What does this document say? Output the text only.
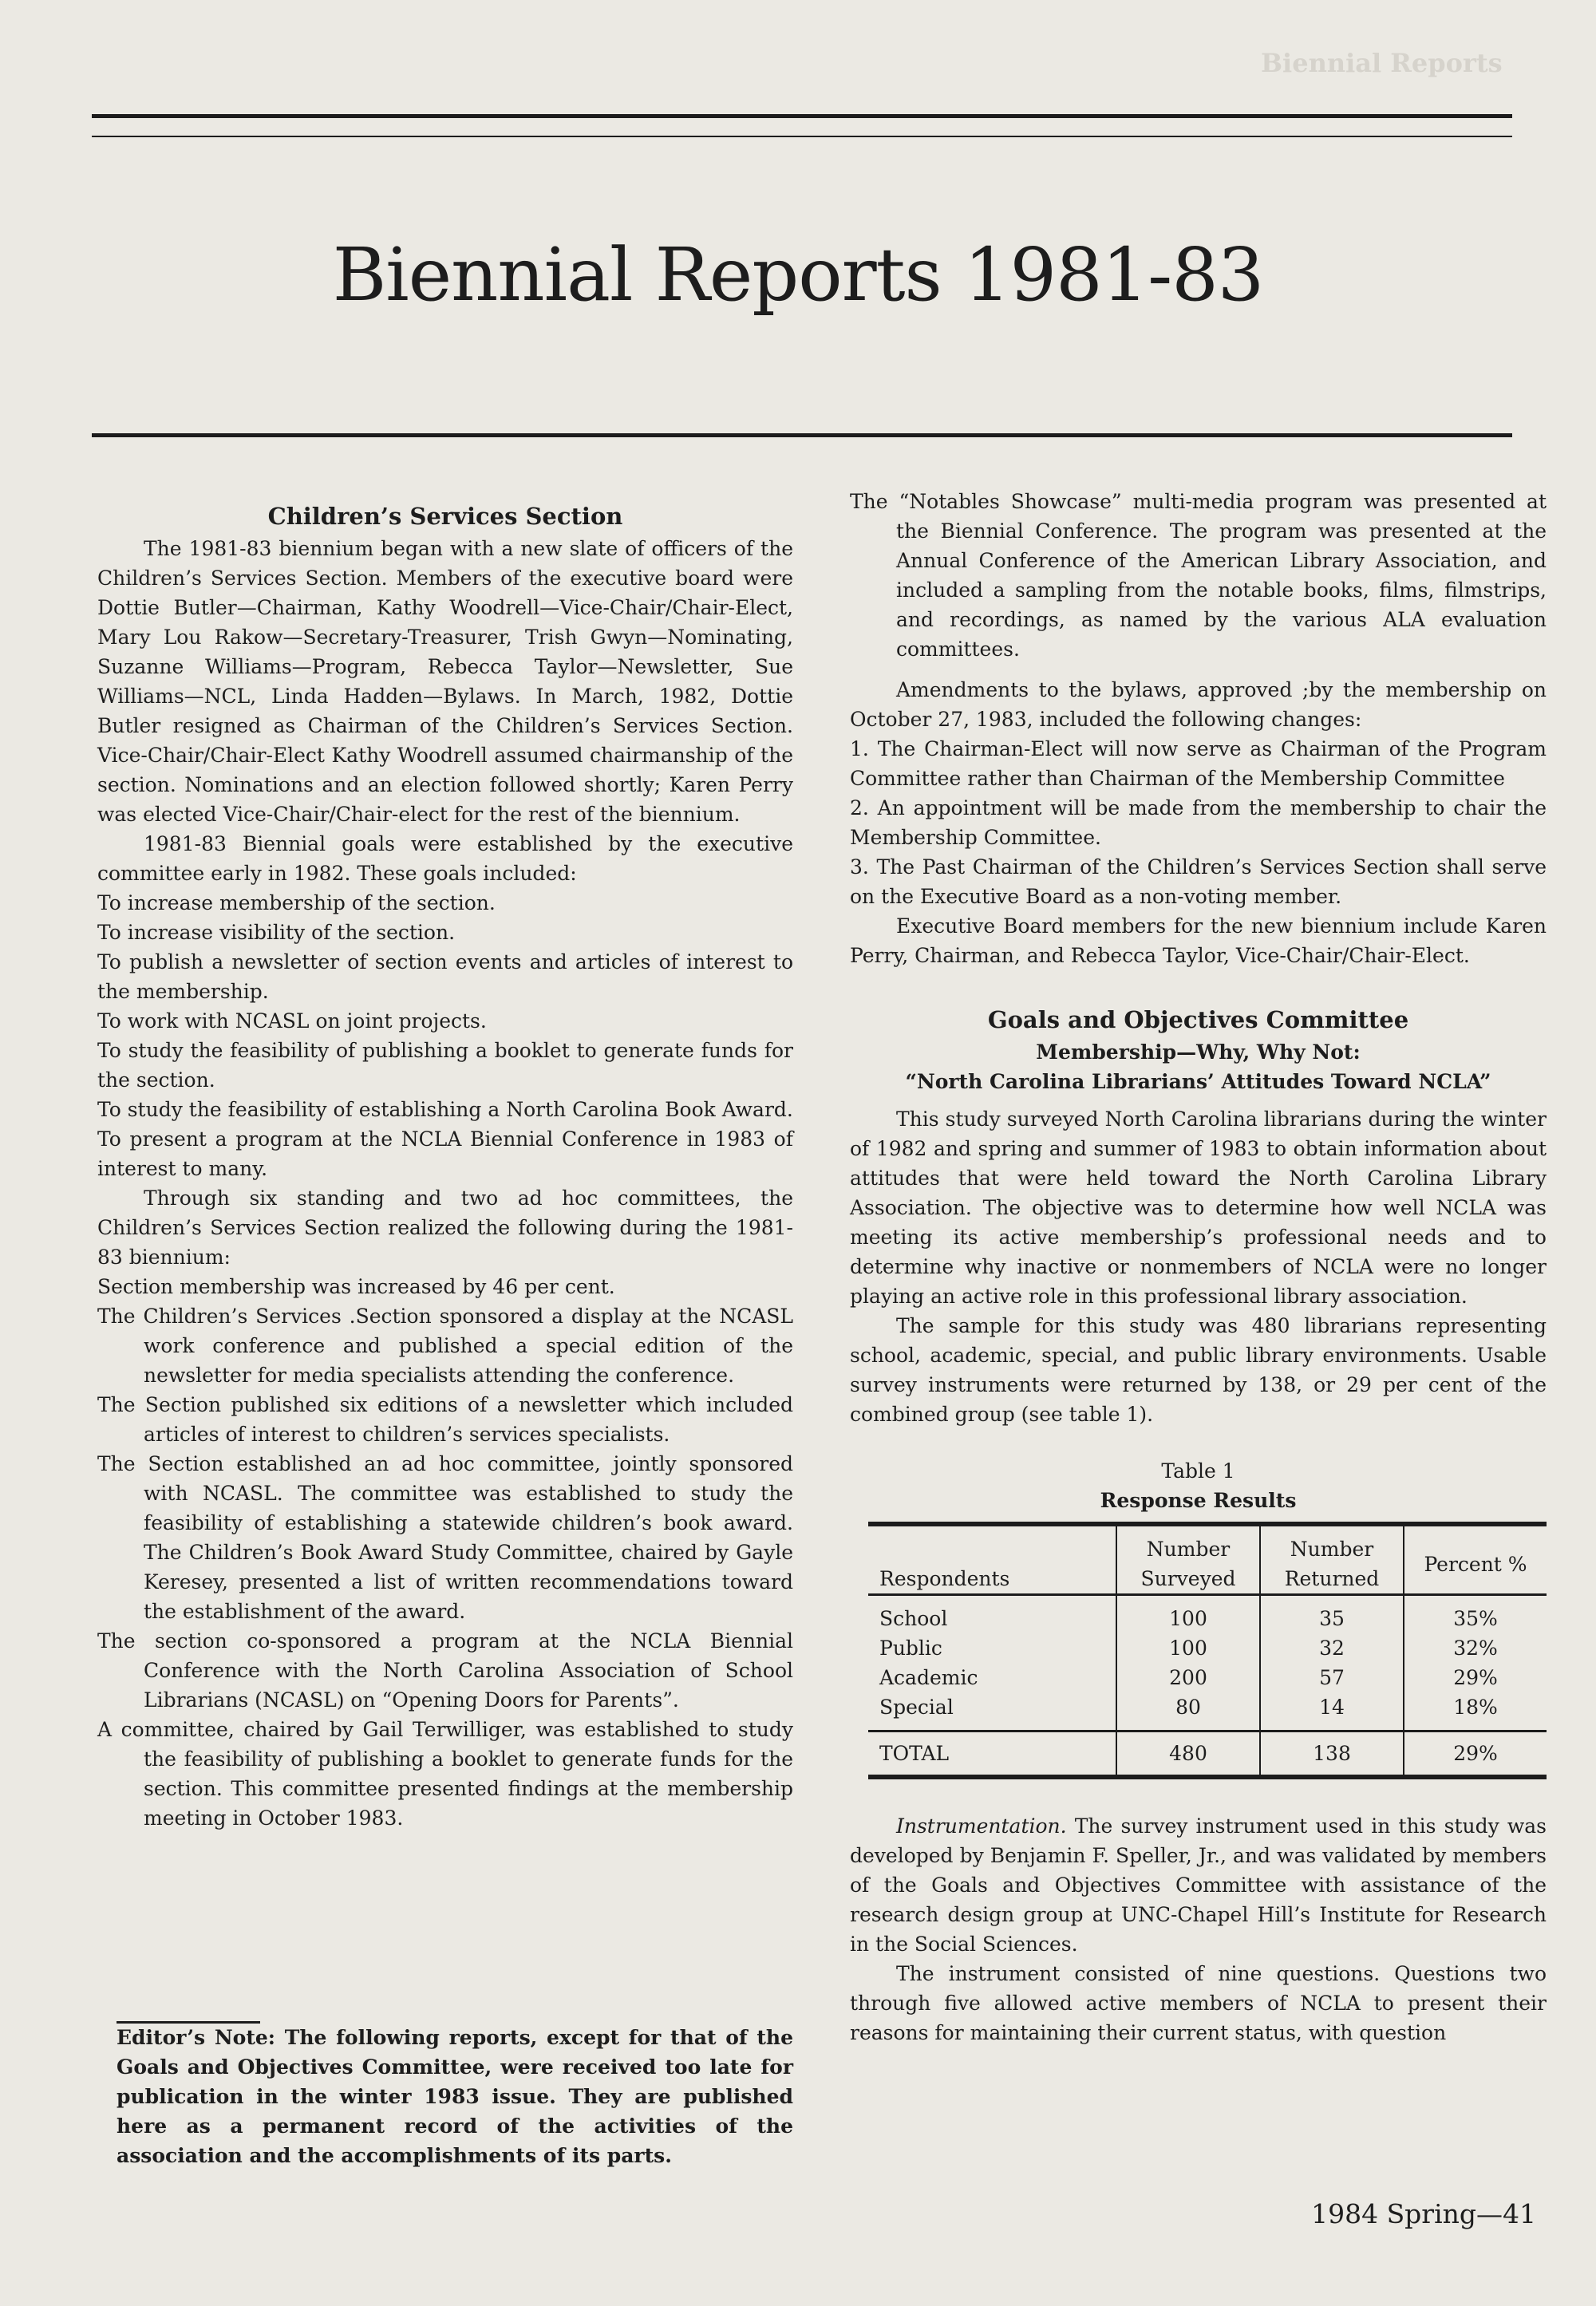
Biennial Reports
Biennial Reports 1981-83

Children’s Services Section

The 1981-83 biennium began with a new slate of officers of the Children’s Services Section. Members of the executive board were Dottie Butler—Chairman, Kathy Woodrell—Vice-Chair/Chair-Elect, Mary Lou Rakow—Secretary-Treasurer, Trish Gwyn—Nominating, Suzanne Williams—Program, Rebecca Taylor—Newsletter, Sue Williams—NCL, Linda Hadden—Bylaws. In March, 1982, Dottie Butler resigned as Chairman of the Children’s Services Section. Vice-Chair/Chair-Elect Kathy Woodrell assumed chairmanship of the section. Nominations and an election followed shortly; Karen Perry was elected Vice-Chair/Chair-elect for the rest of the biennium.

1981-83 Biennial goals were established by the executive committee early in 1982. These goals included:

To increase membership of the section.

To increase visibility of the section.

To publish a newsletter of section events and articles of interest to the membership.

To work with NCASL on joint projects.

To study the feasibility of publishing a booklet to generate funds for the section.

To study the feasibility of establishing a North Carolina Book Award.

To present a program at the NCLA Biennial Conference in 1983 of interest to many.

Through six standing and two ad hoc committees, the Children’s Services Section realized the following during the 1981-83 biennium:

Section membership was increased by 46 per cent.

The Children’s Services .Section sponsored a display at the NCASL work conference and published a special edition of the newsletter for media specialists attending the conference.

The Section published six editions of a newsletter which included articles of interest to children’s services specialists.

The Section established an ad hoc committee, jointly sponsored with NCASL. The committee was established to study the feasibility of establishing a statewide children’s book award. The Children’s Book Award Study Committee, chaired by Gayle Keresey, presented a list of written recommendations toward the establishment of the award.

The section co-sponsored a program at the NCLA Biennial Conference with the North Carolina Association of School Librarians (NCASL) on “Opening Doors for Parents”.

A committee, chaired by Gail Terwilliger, was established to study the feasibility of publishing a booklet to generate funds for the section. This committee presented findings at the membership meeting in October 1983.

Editor’s Note: The following reports, except for that of the Goals and Objectives Committee, were received too late for publication in the winter 1983 issue. They are published here as a permanent record of the activities of the association and the accomplishments of its parts.

The “Notables Showcase” multi-media program was presented at the Biennial Conference. The program was presented at the Annual Conference of the American Library Association, and included a sampling from the notable books, films, filmstrips, and recordings, as named by the various ALA evaluation committees.

Amendments to the bylaws, approved ;by the membership on October 27, 1983, included the following changes:

1. The Chairman-Elect will now serve as Chairman of the Program Committee rather than Chairman of the Membership Committee

2. An appointment will be made from the membership to chair the Membership Committee.

3. The Past Chairman of the Children’s Services Section shall serve on the Executive Board as a non-voting member.

Executive Board members for the new biennium include Karen Perry, Chairman, and Rebecca Taylor, Vice-Chair/Chair-Elect.

Goals and Objectives Committee

Membership—Why, Why Not:

“North Carolina Librarians’ Attitudes Toward NCLA”

This study surveyed North Carolina librarians during the winter of 1982 and spring and summer of 1983 to obtain information about attitudes that were held toward the North Carolina Library Association. The objective was to determine how well NCLA was meeting its active membership’s professional needs and to determine why inactive or nonmembers of NCLA were no longer playing an active role in this professional library association.

The sample for this study was 480 librarians representing school, academic, special, and public library environments. Usable survey instruments were returned by 138, or 29 per cent of the combined group (see table 1).

Table 1

Response Results

Respondents	Number Surveyed	Number Returned	Percent %
School	100	35	35%
Public	100	32	32%
Academic	200	57	29%
Special	80	14	18%
TOTAL	480	138	29%

Instrumentation. The survey instrument used in this study was developed by Benjamin F. Speller, Jr., and was validated by members of the Goals and Objectives Committee with assistance of the research design group at UNC-Chapel Hill’s Institute for Research in the Social Sciences.

The instrument consisted of nine questions. Questions two through five allowed active members of NCLA to present their reasons for maintaining their current status, with question

1984 Spring—41
